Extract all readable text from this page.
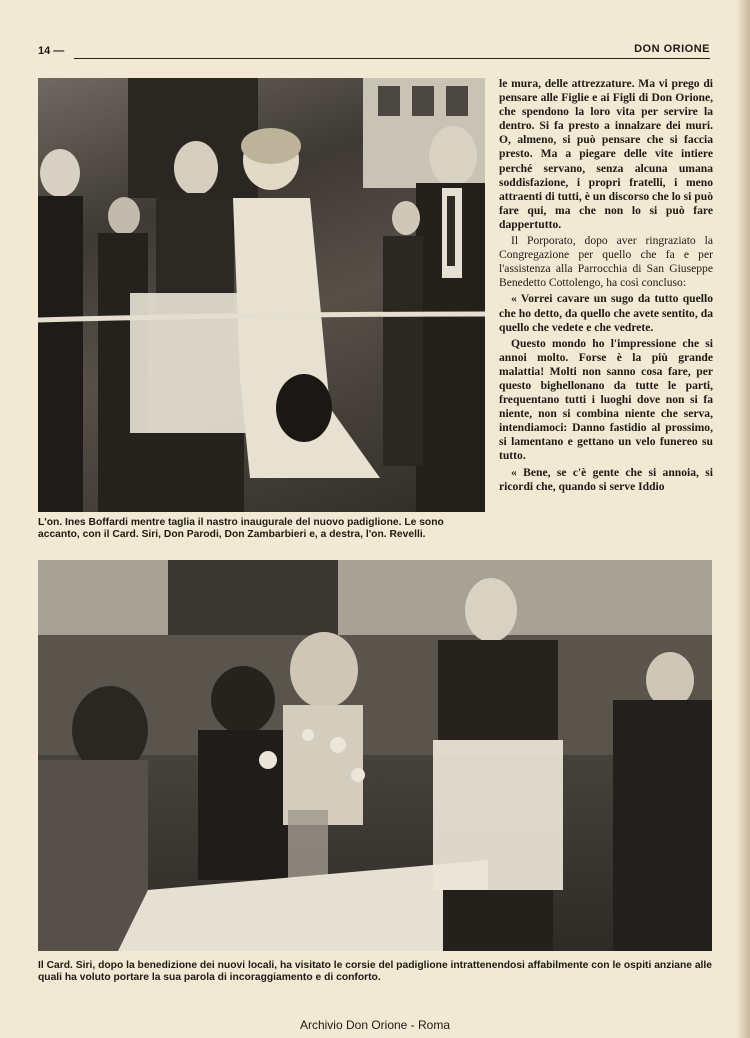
14 —	DON ORIONE
L'on. Ines Boffardi mentre taglia il nastro inaugurale del nuovo padiglione. Le sono accanto, con il Card. Siri, Don Parodi, Don Zambarbieri e, a destra, l'on. Revelli.

le mura, delle attrezzature. Ma vi prego di pensare alle Figlie e ai Figli di Don Orione, che spendono la loro vita per servire la dentro. Si fa presto a innalzare dei muri. O, almeno, si può pensare che si faccia presto. Ma a piegare delle vite intiere perché servano, senza alcuna umana soddisfazione, i propri fratelli, i meno attraenti di tutti, è un discorso che lo si può fare qui, ma che non lo si può fare dappertutto.

Il Porporato, dopo aver ringraziato la Congregazione per quello che fa e per l'assistenza alla Parrocchia di San Giuseppe Benedetto Cottolengo, ha così concluso:

« Vorrei cavare un sugo da tutto quello che ho detto, da quello che avete sentito, da quello che vedete e che vedrete.

Questo mondo ho l'impressione che si annoi molto. Forse è la più grande malattia! Molti non sanno cosa fare, per questo bighellonano da tutte le parti, frequentano tutti i luoghi dove non si fa niente, non si combina niente che serva, intendiamoci: Danno fastidio al prossimo, si lamentano e gettano un velo funereo su tutto.

« Bene, se c'è gente che si annoia, si ricordi che, quando si serve Iddio

Il Card. Siri, dopo la benedizione dei nuovi locali, ha visitato le corsie del padiglione intrattenendosi affabilmente con le ospiti anziane alle quali ha voluto portare la sua parola di incoraggiamento e di conforto.
Archivio Don Orione - Roma
